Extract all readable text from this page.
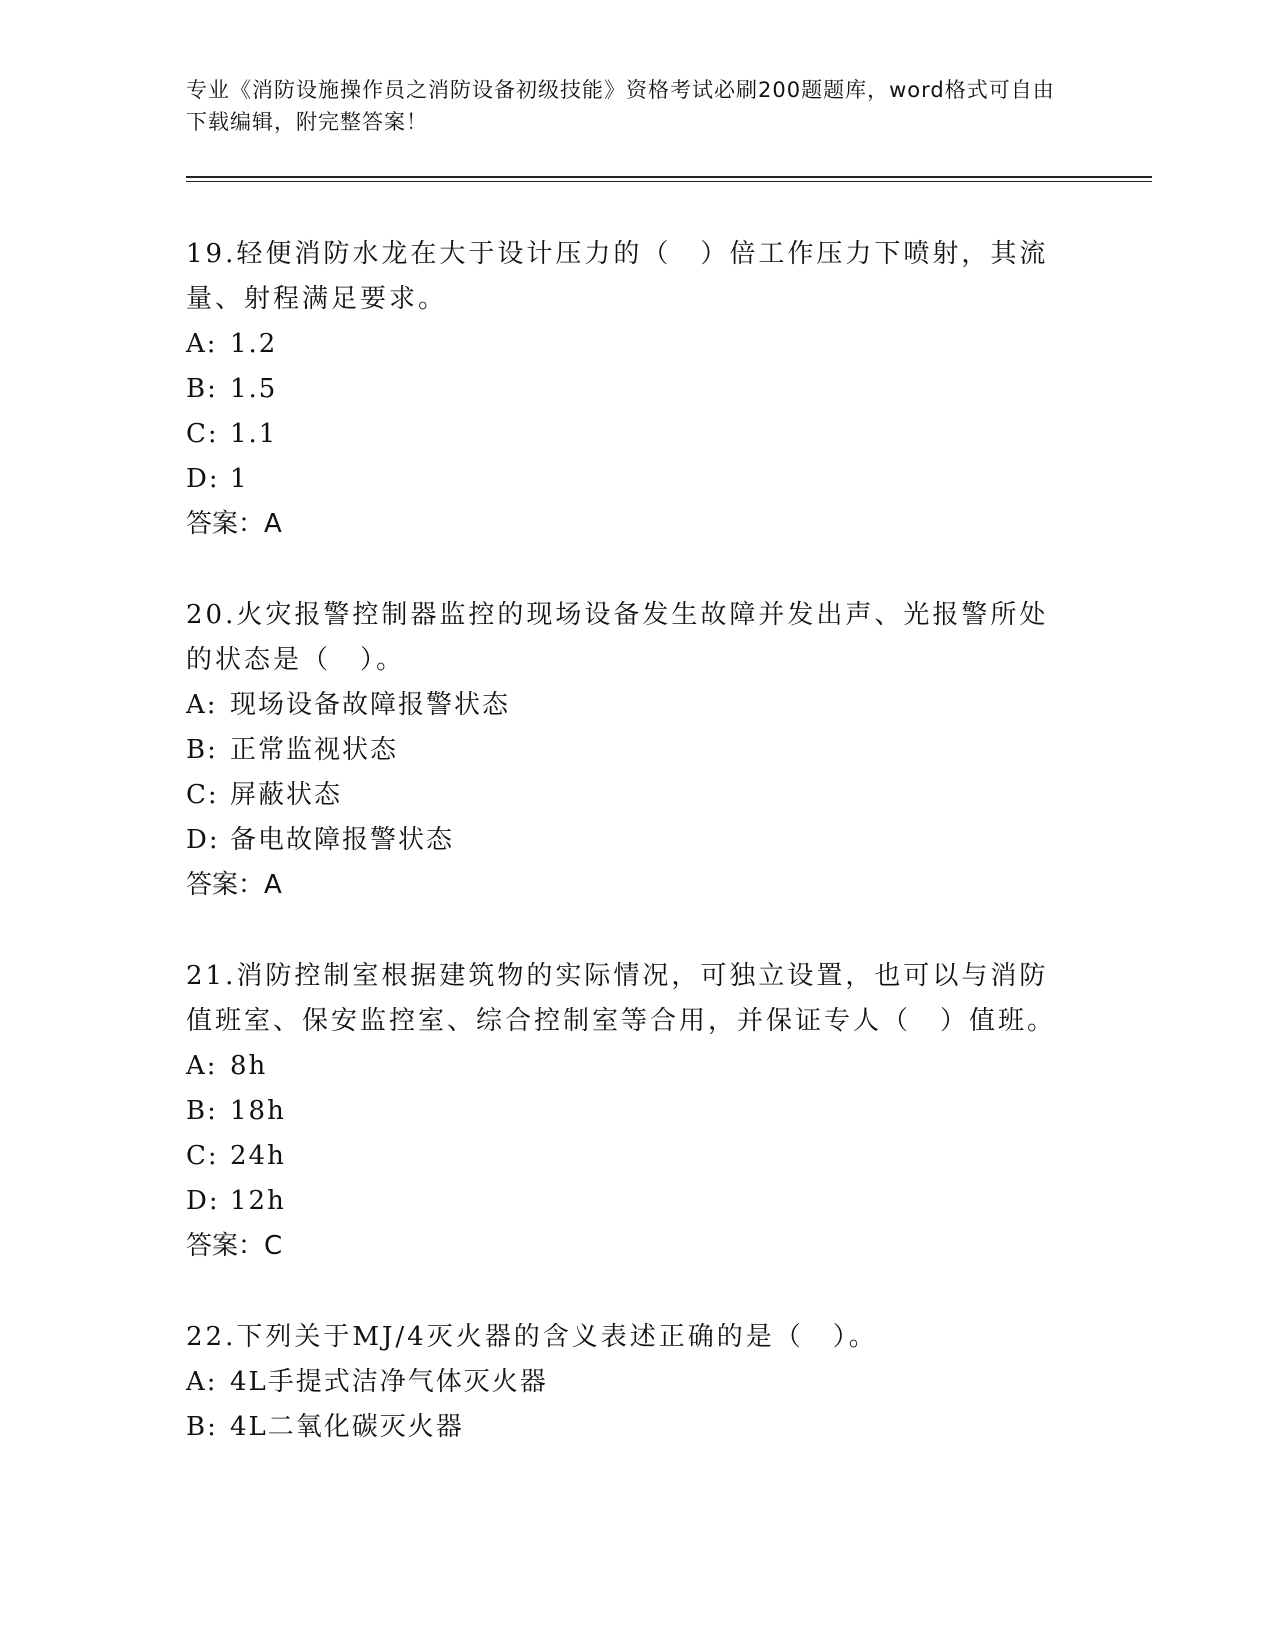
专业《消防设施操作员之消防设备初级技能》资格考试必刷200题题库，word格式可自由下载编辑，附完整答案！

19.轻便消防水龙在大于设计压力的（　）倍工作压力下喷射，其流量、射程满足要求。

A: 1.2

B: 1.5

C: 1.1

D: 1

答案：A

20.火灾报警控制器监控的现场设备发生故障并发出声、光报警所处的状态是（　）。

A: 现场设备故障报警状态

B: 正常监视状态

C: 屏蔽状态

D: 备电故障报警状态

答案：A

21.消防控制室根据建筑物的实际情况，可独立设置，也可以与消防值班室、保安监控室、综合控制室等合用，并保证专人（　）值班。

A: 8h

B: 18h

C: 24h

D: 12h

答案：C

22.下列关于MJ/4灭火器的含义表述正确的是（　）。

A: 4L手提式洁净气体灭火器

B: 4L二氧化碳灭火器
